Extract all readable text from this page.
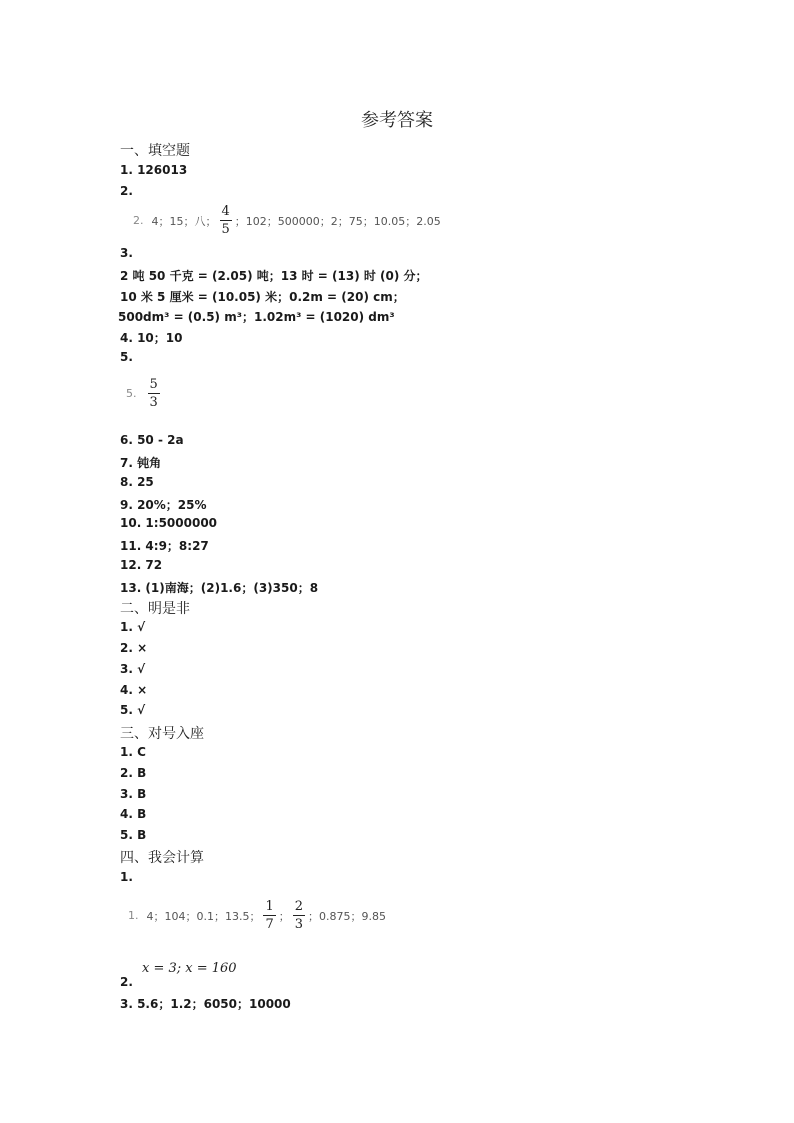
参考答案
一、填空题
1. 126013
2.
2. 4；15；八； $\frac{4}{5}$ ；102；500000；2；75；10.05；2.05
3.
2 吨 50 千克 = (2.05) 吨；13 时 = (13) 时 (0) 分；
10 米 5 厘米 = (10.05) 米；0.2m = (20) cm；
500dm³ = (0.5) m³；1.02m³ = (1020) dm³
4. 10；10
5.
5. $\frac{5}{3}$
6. 50 - 2a
7. 钝角
8. 25
9. 20%；25%
10. 1:5000000
11. 4:9；8:27
12. 72
13. (1)南海；(2)1.6；(3)350；8
二、明是非
1. √
2. ×
3. √
4. ×
5. √
三、对号入座
1. C
2. B
3. B
4. B
5. B
四、我会计算
1.
1. 4；104；0.1；13.5； $\frac{1}{7}$ ； $\frac{2}{3}$ ；0.875；9.85
x = 3; x = 160
2.
3. 5.6；1.2；6050；10000
